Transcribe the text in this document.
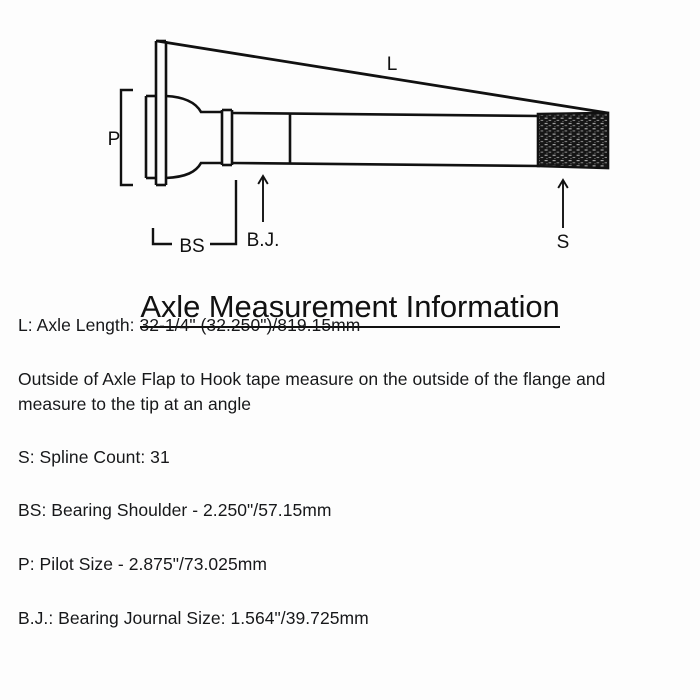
P
BS B.J.	S
L
Axle Measurement Information

L: Axle Length: 32-1/4" (32.250")/819.15mm

Outside of Axle Flap to Hook tape measure on the outside of the flange and measure to the tip at an angle

S: Spline Count: 31

BS: Bearing Shoulder - 2.250"/57.15mm

P: Pilot Size - 2.875"/73.025mm

B.J.: Bearing Journal Size: 1.564"/39.725mm
